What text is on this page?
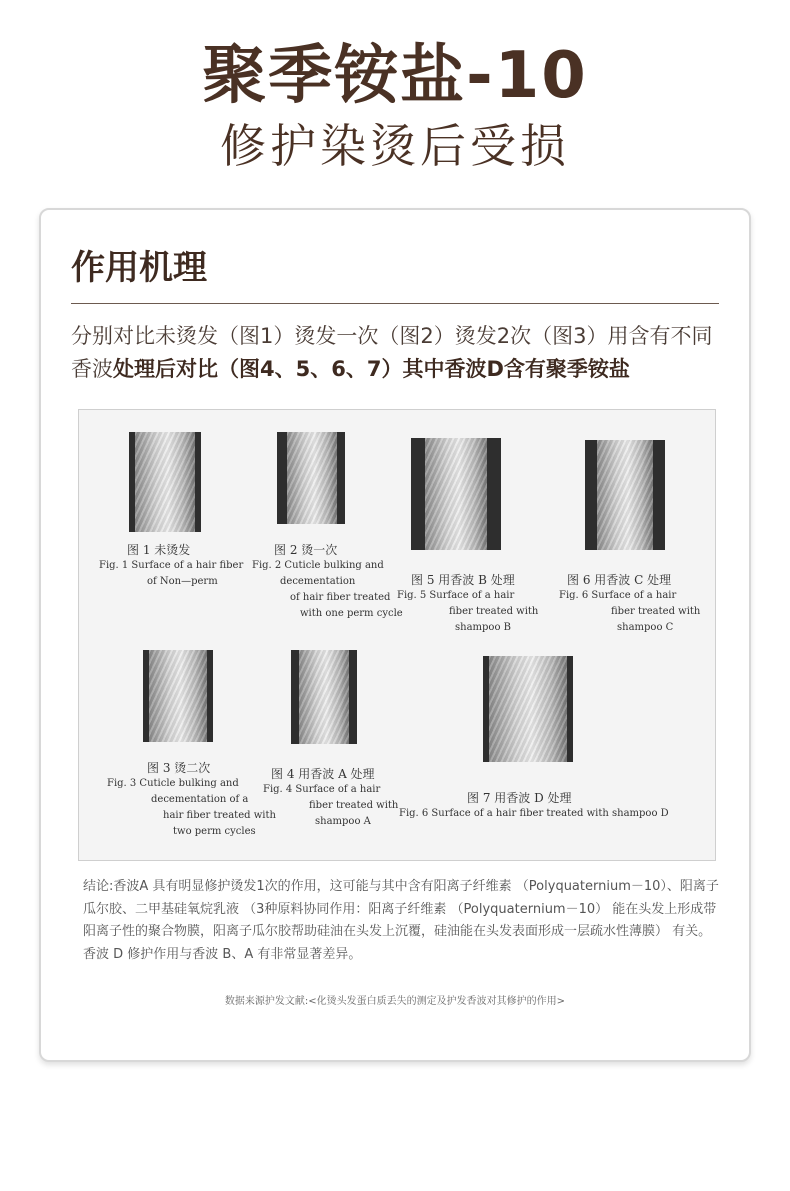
聚季铵盐-10
修护染烫后受损
作用机理
分别对比未烫发（图1）烫发一次（图2）烫发2次（图3）用含有不同香波处理后对比（图4、5、6、7）其中香波D含有聚季铵盐
图 1 未烫发
Fig. 1 Surface of a hair fiber
of Non—perm
图 2 烫一次
Fig. 2 Cuticle bulking and
decementation
of hair fiber treated
with one perm cycle
图 5 用香波 B 处理
Fig. 5 Surface of a hair
fiber treated with
shampoo B
图 6 用香波 C 处理
Fig. 6 Surface of a hair
fiber treated with
shampoo C
图 3 烫二次
Fig. 3 Cuticle bulking and
decementation of a
hair fiber treated with
two perm cycles
图 4 用香波 A 处理
Fig. 4 Surface of a hair
fiber treated with
shampoo A
图 7 用香波 D 处理
Fig. 6 Surface of a hair fiber treated with shampoo D
结论:香波A 具有明显修护烫发1次的作用，这可能与其中含有阳离子纤维素 （Polyquaternium－10）、阳离子瓜尔胶、二甲基硅氧烷乳液 （3种原料协同作用：阳离子纤维素 （Polyquaternium－10） 能在头发上形成带阳离子性的聚合物膜，阳离子瓜尔胶帮助硅油在头发上沉覆，硅油能在头发表面形成一层疏水性薄膜） 有关。香波 D 修护作用与香波 B、A 有非常显著差异。
数据来源护发文献:<化烫头发蛋白质丢失的测定及护发香波对其修护的作用>
